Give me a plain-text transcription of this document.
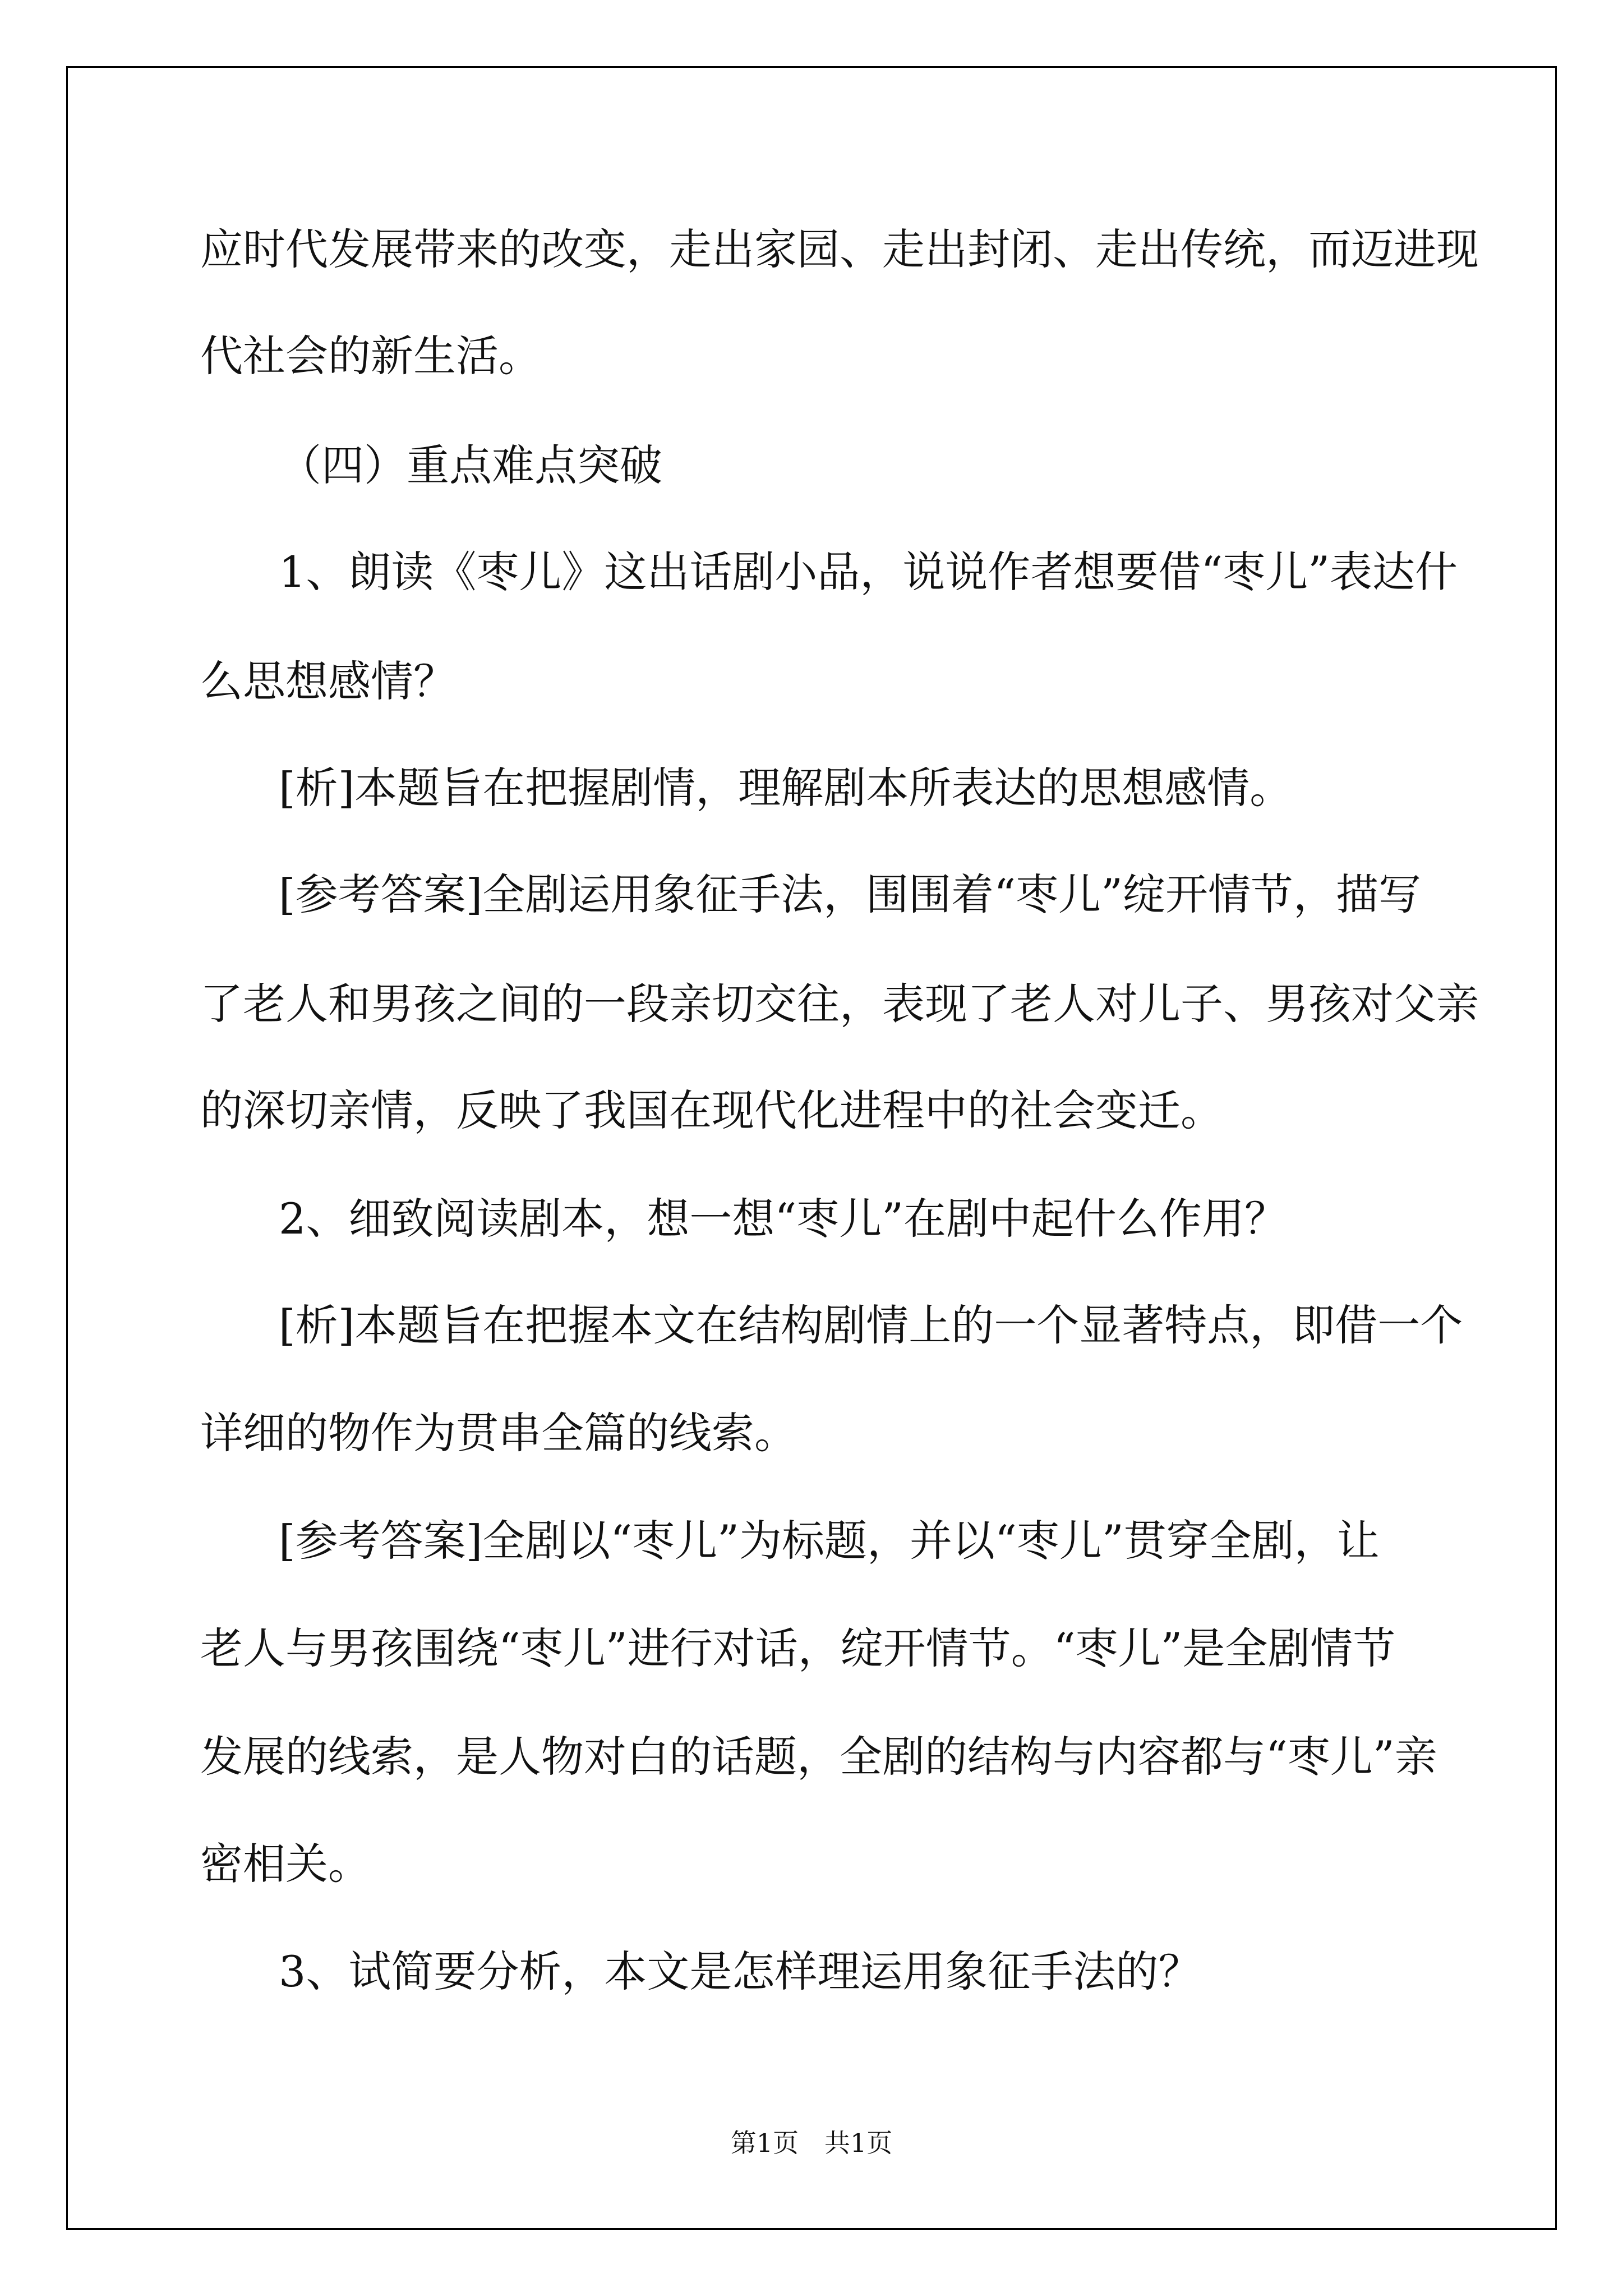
应时代发展带来的改变，走出家园、走出封闭、走出传统，而迈进现
代社会的新生活。
（四）重点难点突破
1、朗读《枣儿》这出话剧小品，说说作者想要借“枣儿”表达什
么思想感情？
[析]本题旨在把握剧情，理解剧本所表达的思想感情。
[参考答案]全剧运用象征手法，围围着“枣儿”绽开情节，描写
了老人和男孩之间的一段亲切交往，表现了老人对儿子、男孩对父亲
的深切亲情，反映了我国在现代化进程中的社会变迁。
2、细致阅读剧本，想一想“枣儿”在剧中起什么作用？
[析]本题旨在把握本文在结构剧情上的一个显著特点，即借一个
详细的物作为贯串全篇的线索。
[参考答案]全剧以“枣儿”为标题，并以“枣儿”贯穿全剧，让
老人与男孩围绕“枣儿”进行对话，绽开情节。“枣儿”是全剧情节
发展的线索，是人物对白的话题，全剧的结构与内容都与“枣儿”亲
密相关。
3、试简要分析，本文是怎样理运用象征手法的？
第1页　共1页
